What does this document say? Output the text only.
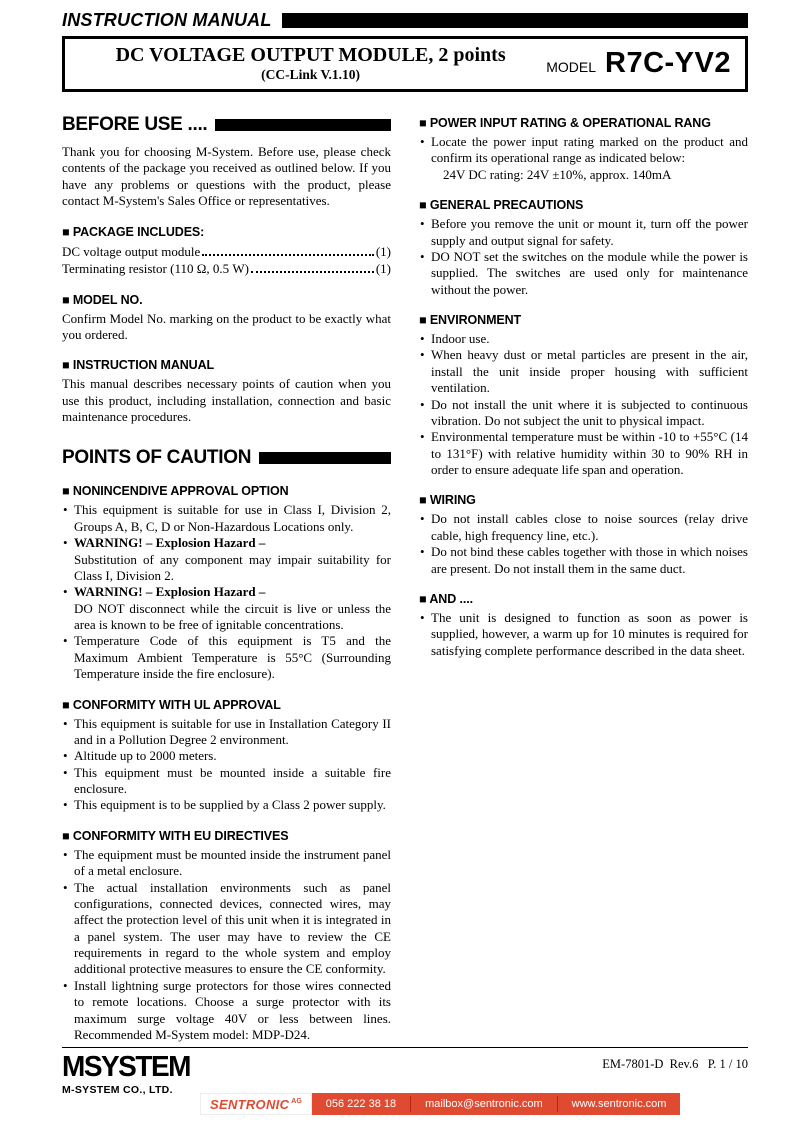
INSTRUCTION MANUAL
DC VOLTAGE OUTPUT MODULE, 2 points
(CC-Link V.1.10)	MODEL R7C-YV2
BEFORE USE ....
Thank you for choosing M-System. Before use, please check contents of the package you received as outlined below. If you have any problems or questions with the product, please contact M-System's Sales Office or representatives.
■ PACKAGE INCLUDES:
DC voltage output module	(1)
Terminating resistor (110 Ω, 0.5 W)	(1)
■ MODEL NO.
Confirm Model No. marking on the product to be exactly what you ordered.
■ INSTRUCTION MANUAL
This manual describes necessary points of caution when you use this product, including installation, connection and basic maintenance procedures.
POINTS OF CAUTION
■ NONINCENDIVE APPROVAL OPTION
• This equipment is suitable for use in Class I, Division 2, Groups A, B, C, D or Non-Hazardous Locations only.
• WARNING! – Explosion Hazard –
Substitution of any component may impair suitability for Class I, Division 2.
• WARNING! – Explosion Hazard –
DO NOT disconnect while the circuit is live or unless the area is known to be free of ignitable concentrations.
• Temperature Code of this equipment is T5 and the Maximum Ambient Temperature is 55°C (Surrounding Temperature inside the fire enclosure).
■ CONFORMITY WITH UL APPROVAL
• This equipment is suitable for use in Installation Category II and in a Pollution Degree 2 environment.
• Altitude up to 2000 meters.
• This equipment must be mounted inside a suitable fire enclosure.
• This equipment is to be supplied by a Class 2 power supply.
■ CONFORMITY WITH EU DIRECTIVES
• The equipment must be mounted inside the instrument panel of a metal enclosure.
• The actual installation environments such as panel configurations, connected devices, connected wires, may affect the protection level of this unit when it is integrated in a panel system. The user may have to review the CE requirements in regard to the whole system and employ additional protective measures to ensure the CE conformity.
• Install lightning surge protectors for those wires connected to remote locations. Choose a surge protector with its maximum surge voltage 40V or less between lines. Recommended M-System model: MDP-D24.
■ POWER INPUT RATING & OPERATIONAL RANG
• Locate the power input rating marked on the product and confirm its operational range as indicated below:
24V DC rating: 24V ±10%, approx. 140mA
■ GENERAL PRECAUTIONS
• Before you remove the unit or mount it, turn off the power supply and output signal for safety.
• DO NOT set the switches on the module while the power is supplied. The switches are used only for maintenance without the power.
■ ENVIRONMENT
• Indoor use.
• When heavy dust or metal particles are present in the air, install the unit inside proper housing with sufficient ventilation.
• Do not install the unit where it is subjected to continuous vibration. Do not subject the unit to physical impact.
• Environmental temperature must be within -10 to +55°C (14 to 131°F) with relative humidity within 30 to 90% RH in order to ensure adequate life span and operation.
■ WIRING
• Do not install cables close to noise sources (relay drive cable, high frequency line, etc.).
• Do not bind these cables together with those in which noises are present. Do not install them in the same duct.
■ AND ....
• The unit is designed to function as soon as power is supplied, however, a warm up for 10 minutes is required for satisfying complete performance described in the data sheet.
MSYSTEM
M-SYSTEM CO., LTD.
EM-7801-D  Rev.6   P. 1 / 10
SENTRONIC AG	056 222 38 18	mailbox@sentronic.com	www.sentronic.com
